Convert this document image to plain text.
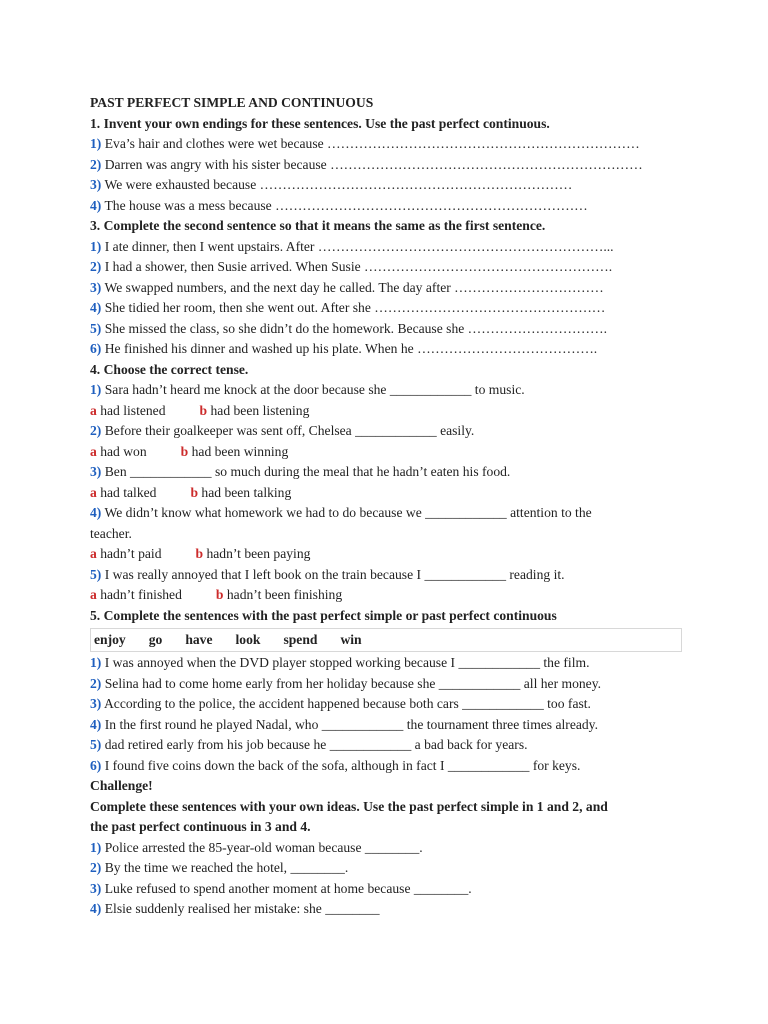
PAST PERFECT SIMPLE AND CONTINUOUS
1. Invent your own endings for these sentences. Use the past perfect continuous.
1) Eva’s hair and clothes were wet because ……………………………………………………………
2) Darren was angry with his sister because ……………………………………………………………
3) We were exhausted because ……………………………………………………………
4) The house was a mess because ……………………………………………………………
3. Complete the second sentence so that it means the same as the first sentence.
1) I ate dinner, then I went upstairs. After ………………………………………………………...
2) I had a shower, then Susie arrived. When Susie ……………………………………………….
3) We swapped numbers, and the next day he called. The day after ……………………………
4) She tidied her room, then she went out. After she ……………………………………………
5) She missed the class, so she didn’t do the homework. Because she ………………………….
6) He finished his dinner and washed up his plate. When he ………………………………….
4. Choose the correct tense.
1) Sara hadn’t heard me knock at the door because she ____________ to music.
a had listened	b had been listening
2) Before their goalkeeper was sent off, Chelsea ____________ easily.
a had won	b had been winning
3) Ben ____________ so much during the meal that he hadn’t eaten his food.
a had talked	b had been talking
4) We didn’t know what homework we had to do because we ____________ attention to the
teacher.
a hadn’t paid	b hadn’t been paying
5) I was really annoyed that I left book on the train because I ____________ reading it.
a hadn’t finished	b hadn’t been finishing
5. Complete the sentences with the past perfect simple or past perfect continuous
enjoy go have look spend win
1) I was annoyed when the DVD player stopped working because I ____________ the film.
2) Selina had to come home early from her holiday because she ____________ all her money.
3) According to the police, the accident happened because both cars ____________ too fast.
4) In the first round he played Nadal, who ____________ the tournament three times already.
5) dad retired early from his job because he ____________ a bad back for years.
6) I found five coins down the back of the sofa, although in fact I ____________ for keys.
Challenge!
Complete these sentences with your own ideas. Use the past perfect simple in 1 and 2, and
the past perfect continuous in 3 and 4.
1) Police arrested the 85-year-old woman because ________.
2) By the time we reached the hotel, ________.
3) Luke refused to spend another moment at home because ________.
4) Elsie suddenly realised her mistake: she ________
